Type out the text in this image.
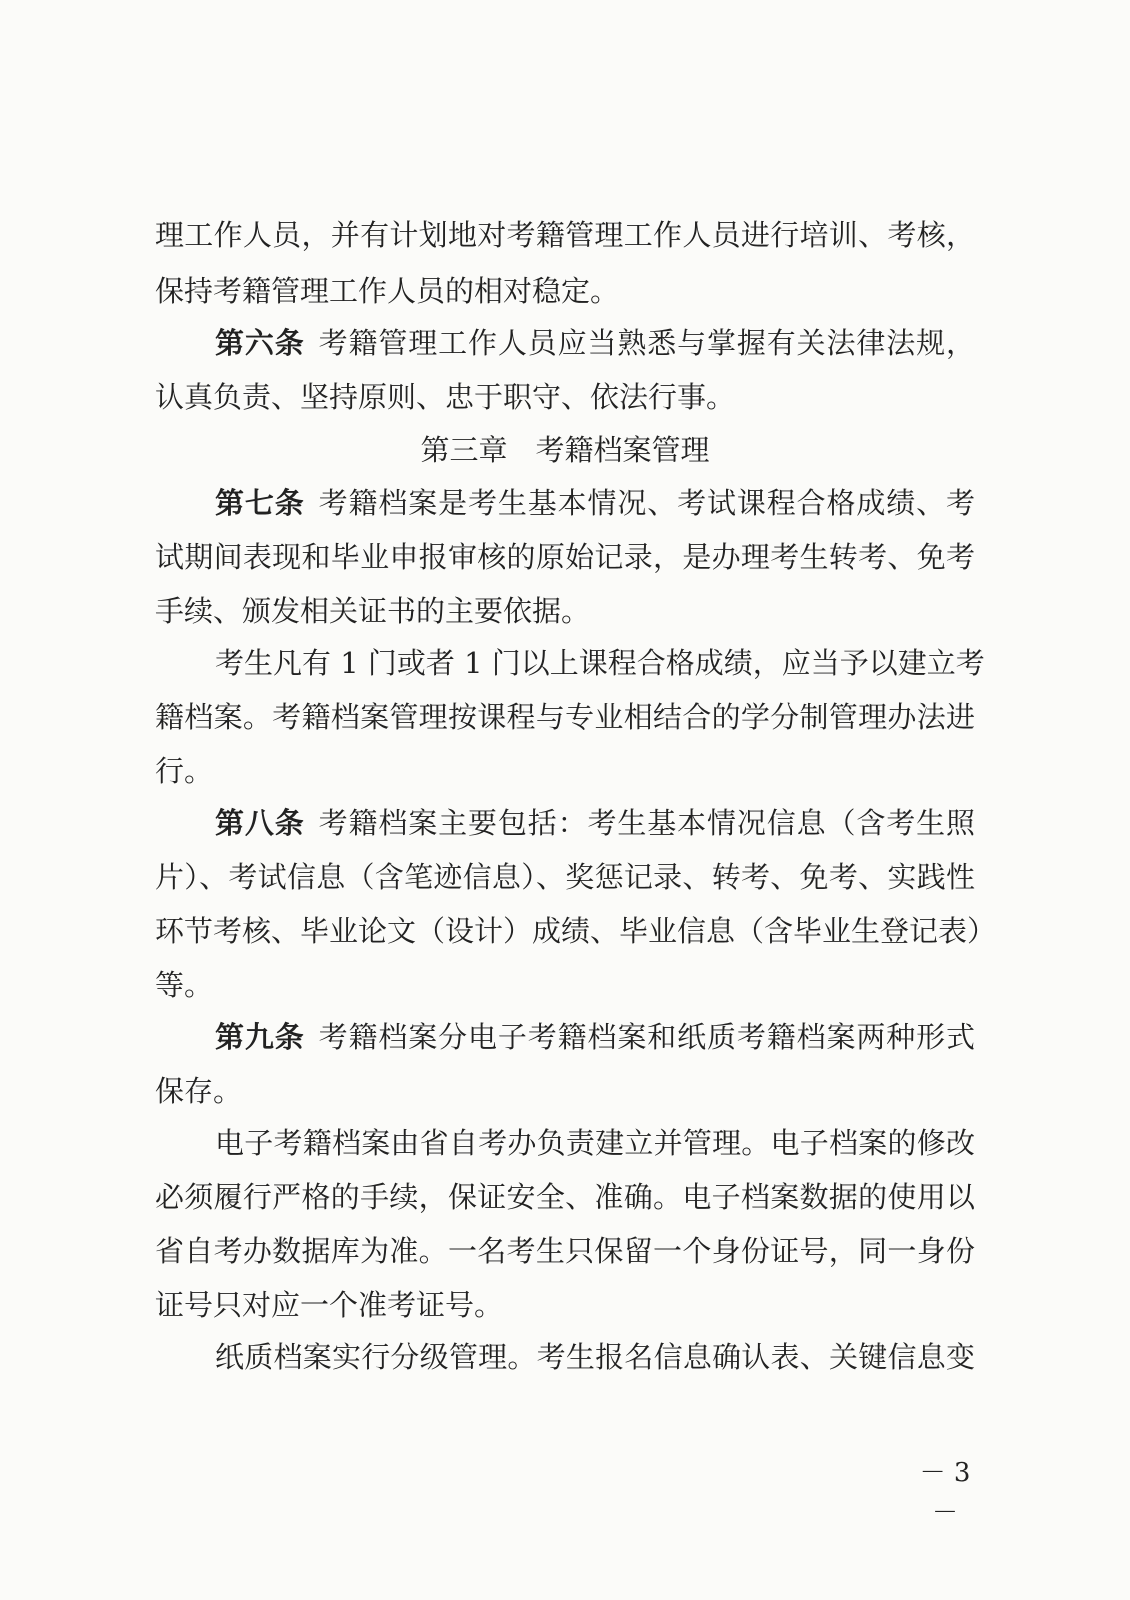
理工作人员，并有计划地对考籍管理工作人员进行培训、考核，
保持考籍管理工作人员的相对稳定。
第六条 考籍管理工作人员应当熟悉与掌握有关法律法规，
认真负责、坚持原则、忠于职守、依法行事。
第三章 考籍档案管理
第七条 考籍档案是考生基本情况、考试课程合格成绩、考
试期间表现和毕业申报审核的原始记录，是办理考生转考、免考
手续、颁发相关证书的主要依据。
考生凡有 1 门或者 1 门以上课程合格成绩，应当予以建立考
籍档案。考籍档案管理按课程与专业相结合的学分制管理办法进
行。
第八条 考籍档案主要包括：考生基本情况信息（含考生照
片）、考试信息（含笔迹信息）、奖惩记录、转考、免考、实践性
环节考核、毕业论文（设计）成绩、毕业信息（含毕业生登记表）
等。
第九条 考籍档案分电子考籍档案和纸质考籍档案两种形式
保存。
电子考籍档案由省自考办负责建立并管理。电子档案的修改
必须履行严格的手续，保证安全、准确。电子档案数据的使用以
省自考办数据库为准。一名考生只保留一个身份证号，同一身份
证号只对应一个准考证号。
纸质档案实行分级管理。考生报名信息确认表、关键信息变
－ 3 －
